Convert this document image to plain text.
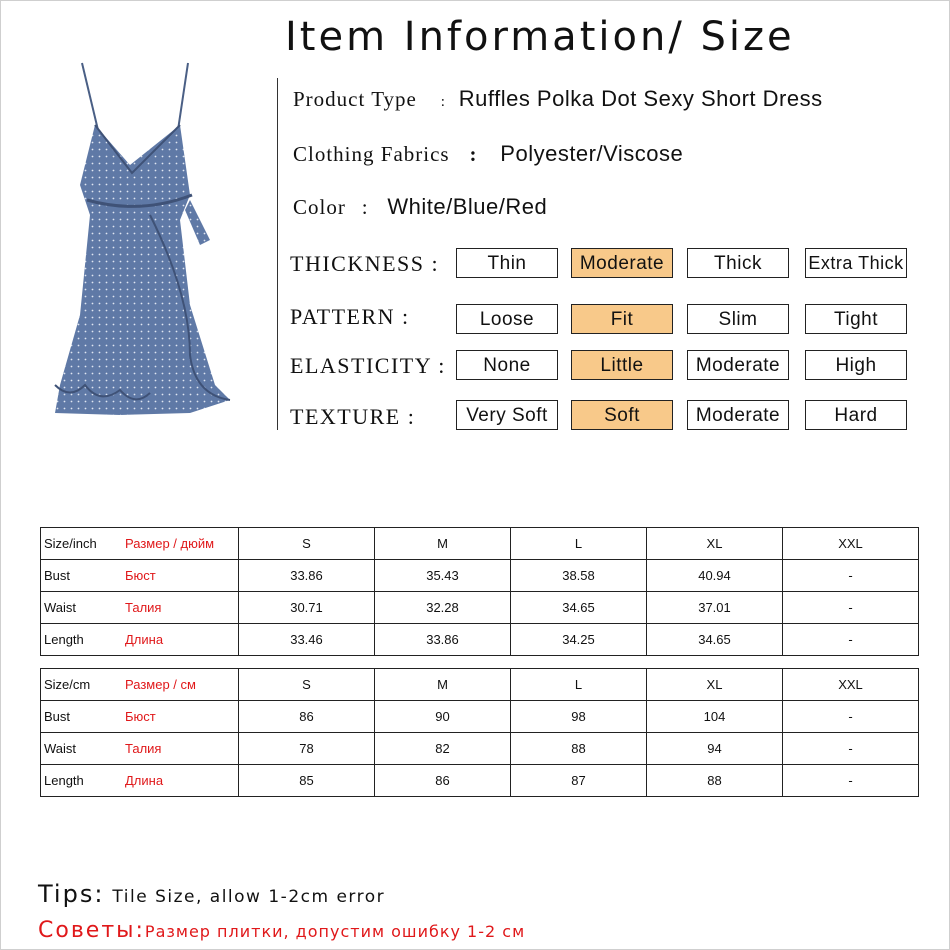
Item Information/ Size
Product Type : Ruffles Polka Dot Sexy Short Dress
Clothing Fabrics : Polyester/Viscose
Color : White/Blue/Red
THICKNESS :	Thin	Moderate	Thick	Extra Thick
PATTERN :	Loose	Fit	Slim	Tight
ELASTICITY :	None	Little	Moderate	High
TEXTURE :	Very Soft	Soft	Moderate	Hard
Size/inch Размер / дюйм	S	M	L	XL	XXL

Bust Бюст	33.86	35.43	38.58	40.94	-

Waist Талия	30.71	32.28	34.65	37.01	-

Length Длина	33.46	33.86	34.25	34.65	-
Size/cm Размер / см	S	M	L	XL	XXL

Bust Бюст	86	90	98	104	-

Waist Талия	78	82	88	94	-

Length Длина	85	86	87	88	-
Tips: Tile Size, allow 1-2cm error
Советы:Размер плитки, допустим ошибку 1-2 см
